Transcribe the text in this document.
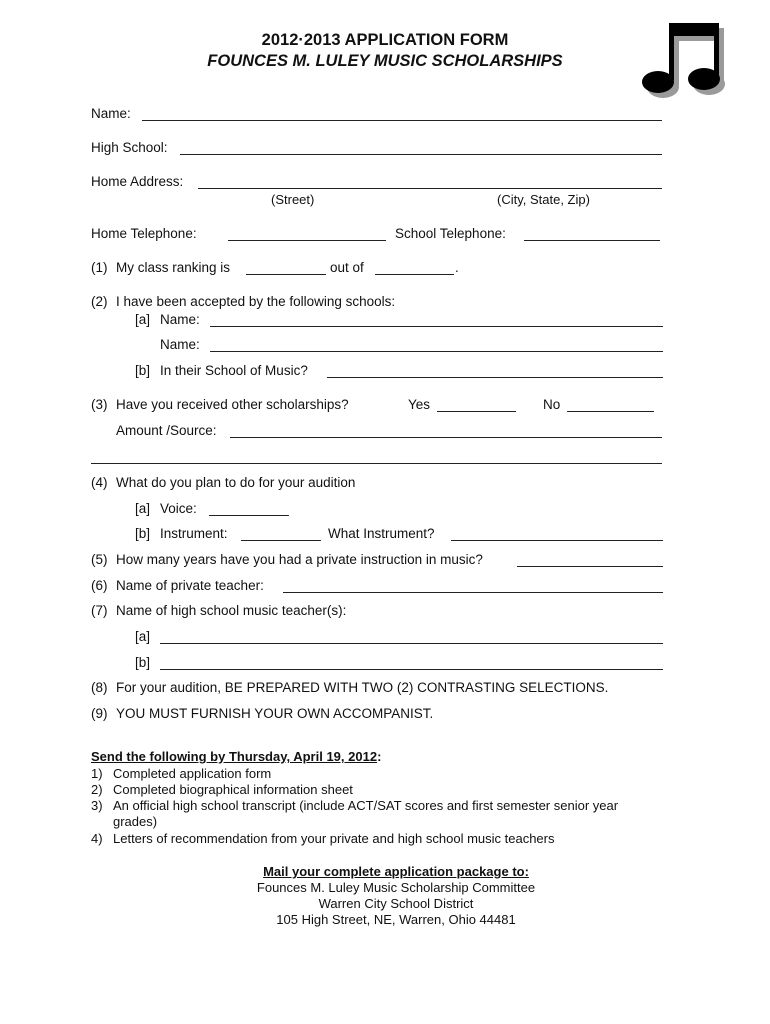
2012·2013 APPLICATION FORM
FOUNCES M. LULEY MUSIC SCHOLARSHIPS
Name:
High School:
Home Address:
(Street)	(City, State, Zip)
Home Telephone:	School Telephone:
(1) My class ranking is	out of	.
(2) I have been accepted by the following schools:
[a] Name:
Name:
[b] In their School of Music?
(3) Have you received other scholarships?	Yes	No
Amount /Source:
(4) What do you plan to do for your audition
[a] Voice:
[b] Instrument:	What Instrument?
(5) How many years have you had a private instruction in music?
(6) Name of private teacher:
(7) Name of high school music teacher(s):
[a]
[b]
(8) For your audition, BE PREPARED WITH TWO (2) CONTRASTING SELECTIONS.
(9) YOU MUST FURNISH YOUR OWN ACCOMPANIST.
Send the following by Thursday, April 19, 2012:
1) Completed application form
2) Completed biographical information sheet
3) An official high school transcript (include ACT/SAT scores and first semester senior year
grades)
4) Letters of recommendation from your private and high school music teachers
Mail your complete application package to:
Founces M. Luley Music Scholarship Committee
Warren City School District
105 High Street, NE, Warren, Ohio 44481
